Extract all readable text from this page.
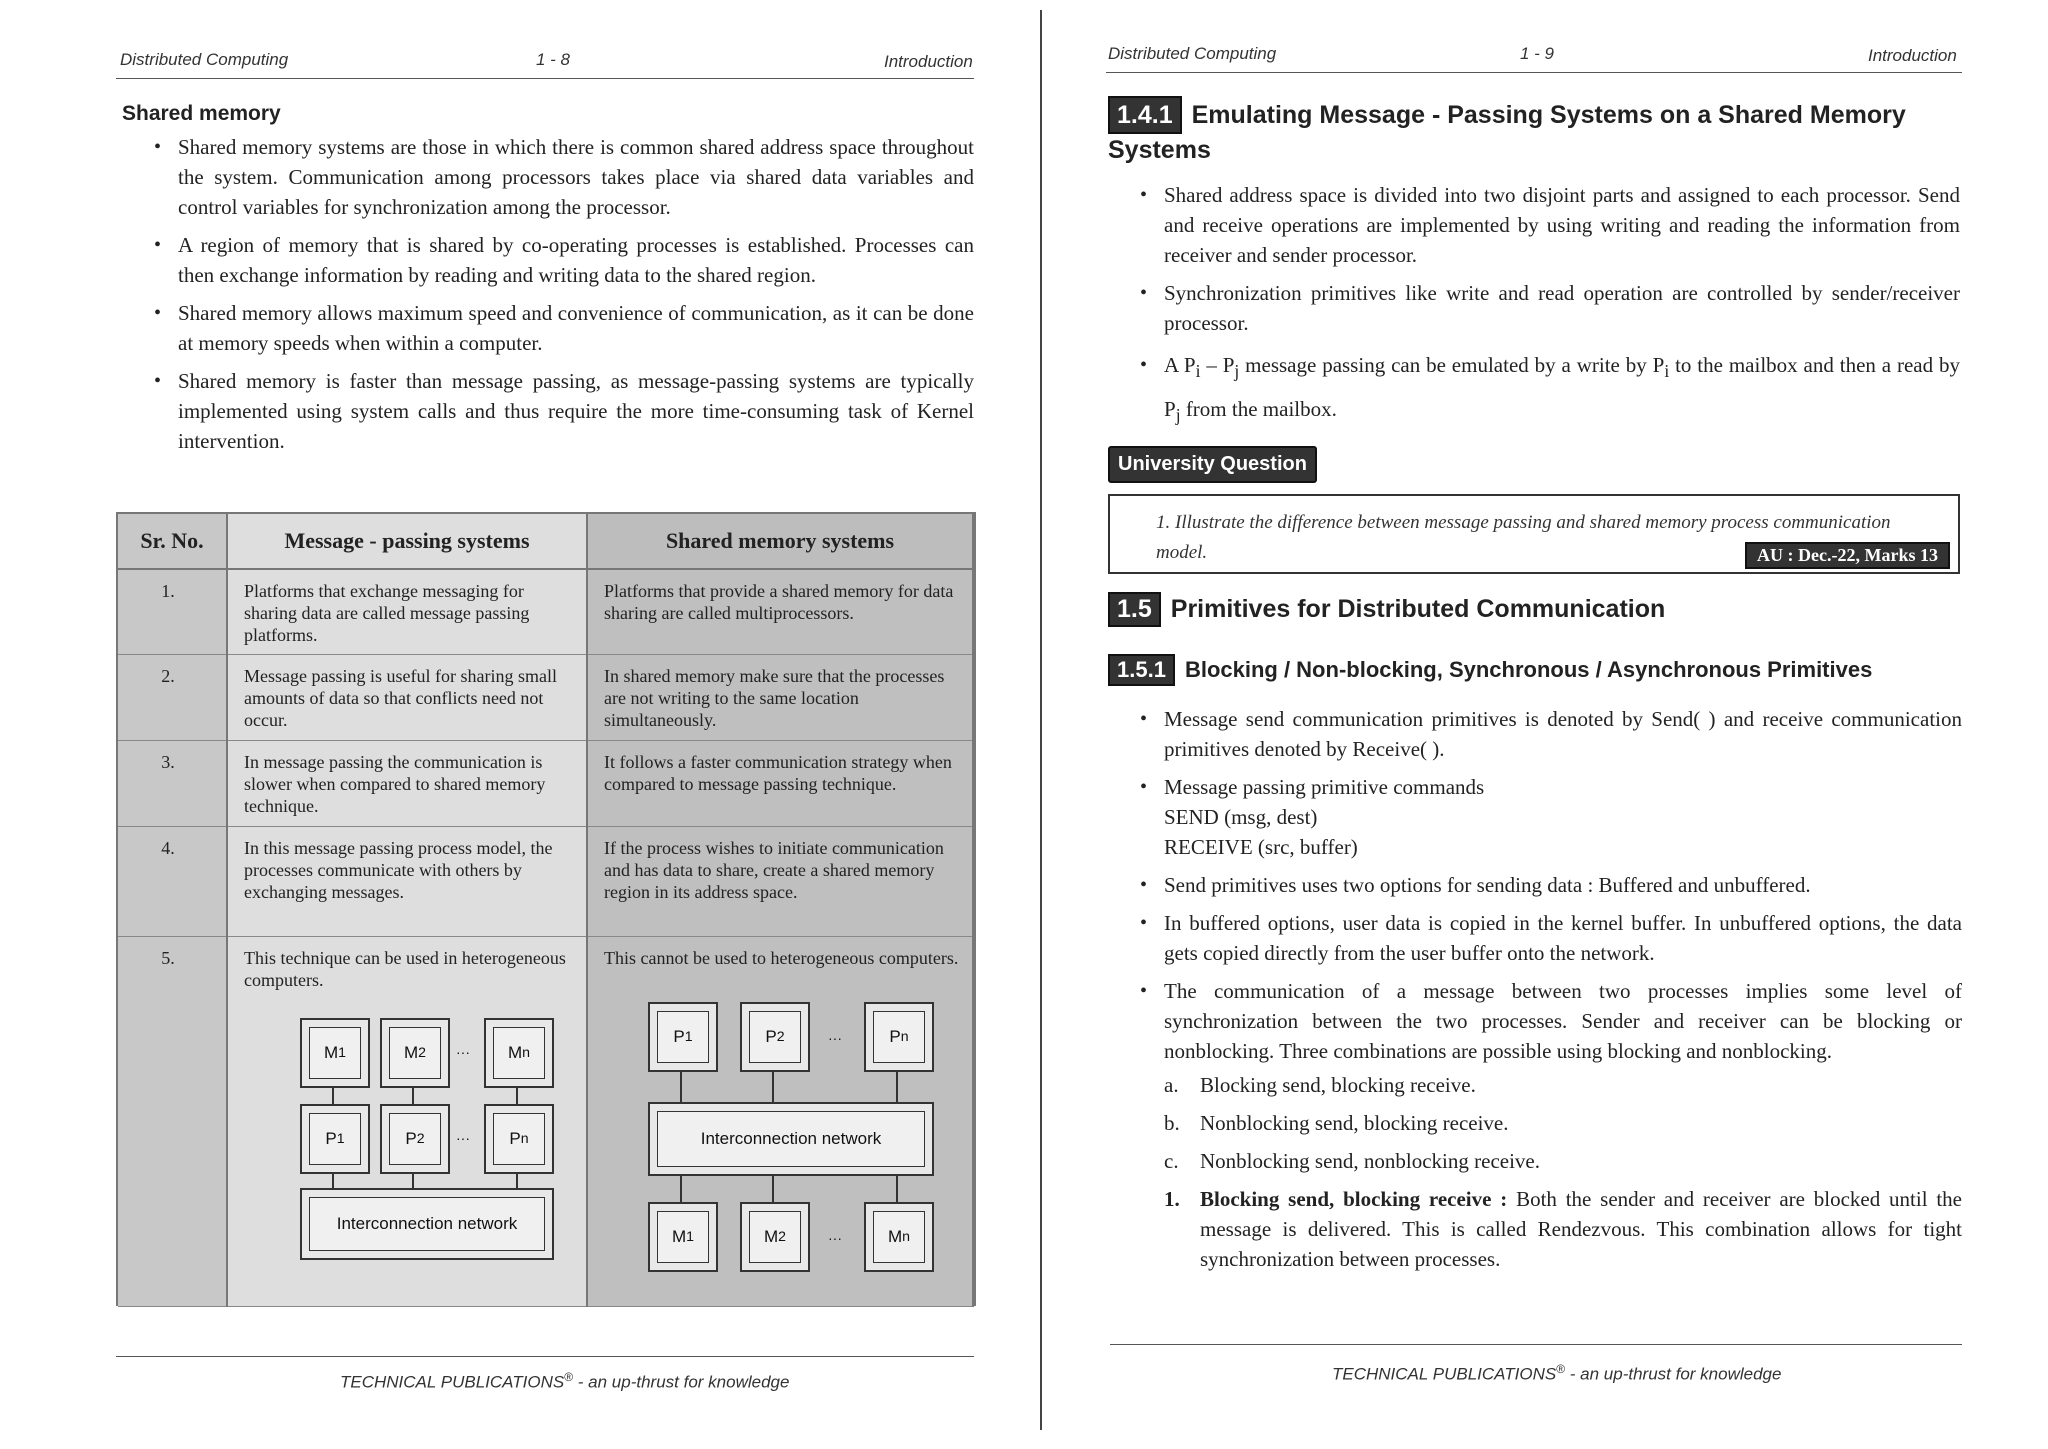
Distributed Computing	1 - 8	Introduction
Shared memory
• Shared memory systems are those in which there is common shared address space throughout the system. Communication among processors takes place via shared data variables and control variables for synchronization among the processor.
• A region of memory that is shared by co-operating processes is established. Processes can then exchange information by reading and writing data to the shared region.
• Shared memory allows maximum speed and convenience of communication, as it can be done at memory speeds when within a computer.
• Shared memory is faster than message passing, as message-passing systems are typically implemented using system calls and thus require the more time-consuming task of Kernel intervention.
Sr. No.	Message - passing systems	Shared memory systems
1.	Platforms that exchange messaging for sharing data are called message passing platforms.	Platforms that provide a shared memory for data sharing are called multiprocessors.
2.	Message passing is useful for sharing small amounts of data so that conflicts need not occur.	In shared memory make sure that the processes are not writing to the same location simultaneously.
3.	In message passing the communication is slower when compared to shared memory technique.	It follows a faster communication strategy when compared to message passing technique.
4.	In this message passing process model, the processes communicate with others by exchanging messages.	If the process wishes to initiate communication and has data to share, create a shared memory region in its address space.
5.	This technique can be used in heterogeneous computers.	This cannot be used to heterogeneous computers.
M 1	M 2 ··· M n
P 1	P 2 ··· P n
Interconnection network
P 1	P 2	···	P n
Interconnection network
M 1	M 2	···	M n
TECHNICAL PUBLICATIONS® - an up-thrust for knowledge
Distributed Computing	1 - 9	Introduction
1.4.1 Emulating Message - Passing Systems on a Shared Memory Systems
• Shared address space is divided into two disjoint parts and assigned to each processor. Send and receive operations are implemented by using writing and reading the information from receiver and sender processor.
• Synchronization primitives like write and read operation are controlled by sender/receiver processor.
• A $P_i - P_j$ message passing can be emulated by a write by $P_i$ to the mailbox and then a read by $P_j$ from the mailbox.
University Question
1. Illustrate the difference between message passing and shared memory process communication model.	AU : Dec.-22, Marks 13
1.5 Primitives for Distributed Communication
1.5.1 Blocking / Non-blocking, Synchronous / Asynchronous Primitives
• Message send communication primitives is denoted by Send( ) and receive communication primitives denoted by Receive( ).
• Message passing primitive commands
SEND (msg, dest)
RECEIVE (src, buffer)
• Send primitives uses two options for sending data : Buffered and unbuffered.
• In buffered options, user data is copied in the kernel buffer. In unbuffered options, the data gets copied directly from the user buffer onto the network.
• The communication of a message between two processes implies some level of synchronization between the two processes. Sender and receiver can be blocking or nonblocking. Three combinations are possible using blocking and nonblocking.
a. Blocking send, blocking receive.
b. Nonblocking send, blocking receive.
c. Nonblocking send, nonblocking receive.
1. Blocking send, blocking receive : Both the sender and receiver are blocked until the message is delivered. This is called Rendezvous. This combination allows for tight synchronization between processes.
TECHNICAL PUBLICATIONS® - an up-thrust for knowledge
